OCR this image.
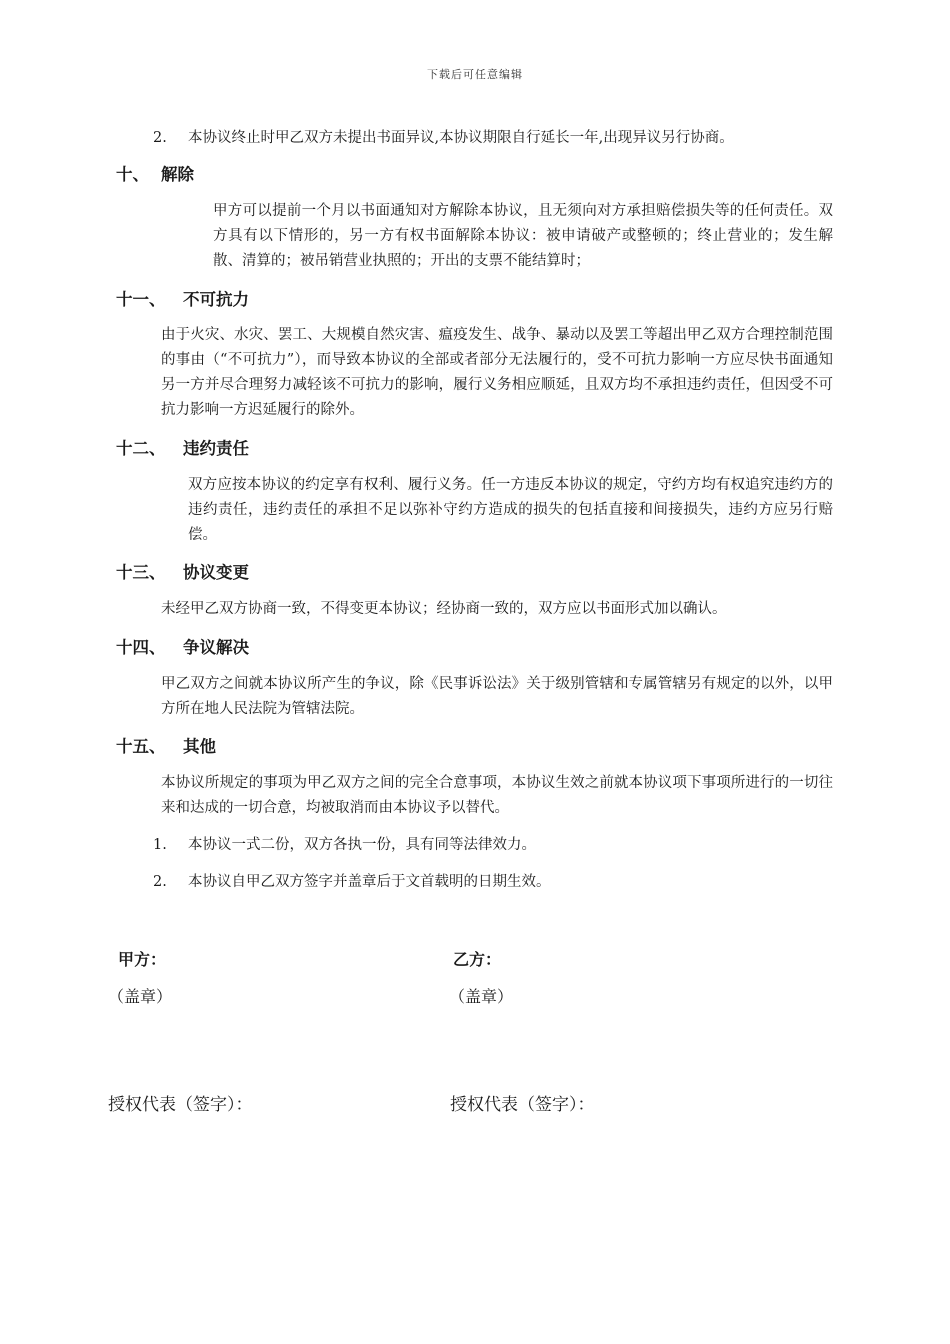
下载后可任意编辑
2. 本协议终止时甲乙双方未提出书面异议,本协议期限自行延长一年,出现异议另行协商。
十、 解除
甲方可以提前一个月以书面通知对方解除本协议，且无须向对方承担赔偿损失等的任何责任。双方具有以下情形的，另一方有权书面解除本协议：被申请破产或整顿的；终止营业的；发生解散、清算的；被吊销营业执照的；开出的支票不能结算时；
十一、 不可抗力
由于火灾、水灾、罢工、大规模自然灾害、瘟疫发生、战争、暴动以及罢工等超出甲乙双方合理控制范围的事由（“不可抗力”），而导致本协议的全部或者部分无法履行的，受不可抗力影响一方应尽快书面通知另一方并尽合理努力减轻该不可抗力的影响，履行义务相应顺延，且双方均不承担违约责任，但因受不可抗力影响一方迟延履行的除外。
十二、 违约责任
双方应按本协议的约定享有权利、履行义务。任一方违反本协议的规定，守约方均有权追究违约方的违约责任，违约责任的承担不足以弥补守约方造成的损失的包括直接和间接损失，违约方应另行赔偿。
十三、 协议变更
未经甲乙双方协商一致，不得变更本协议；经协商一致的，双方应以书面形式加以确认。
十四、 争议解决
甲乙双方之间就本协议所产生的争议，除《民事诉讼法》关于级别管辖和专属管辖另有规定的以外，以甲方所在地人民法院为管辖法院。
十五、 其他
本协议所规定的事项为甲乙双方之间的完全合意事项，本协议生效之前就本协议项下事项所进行的一切往来和达成的一切合意，均被取消而由本协议予以替代。
1. 本协议一式二份，双方各执一份，具有同等法律效力。
2. 本协议自甲乙双方签字并盖章后于文首载明的日期生效。
甲方：	乙方：
（盖章）	（盖章）
授权代表（签字）：	授权代表（签字）：
